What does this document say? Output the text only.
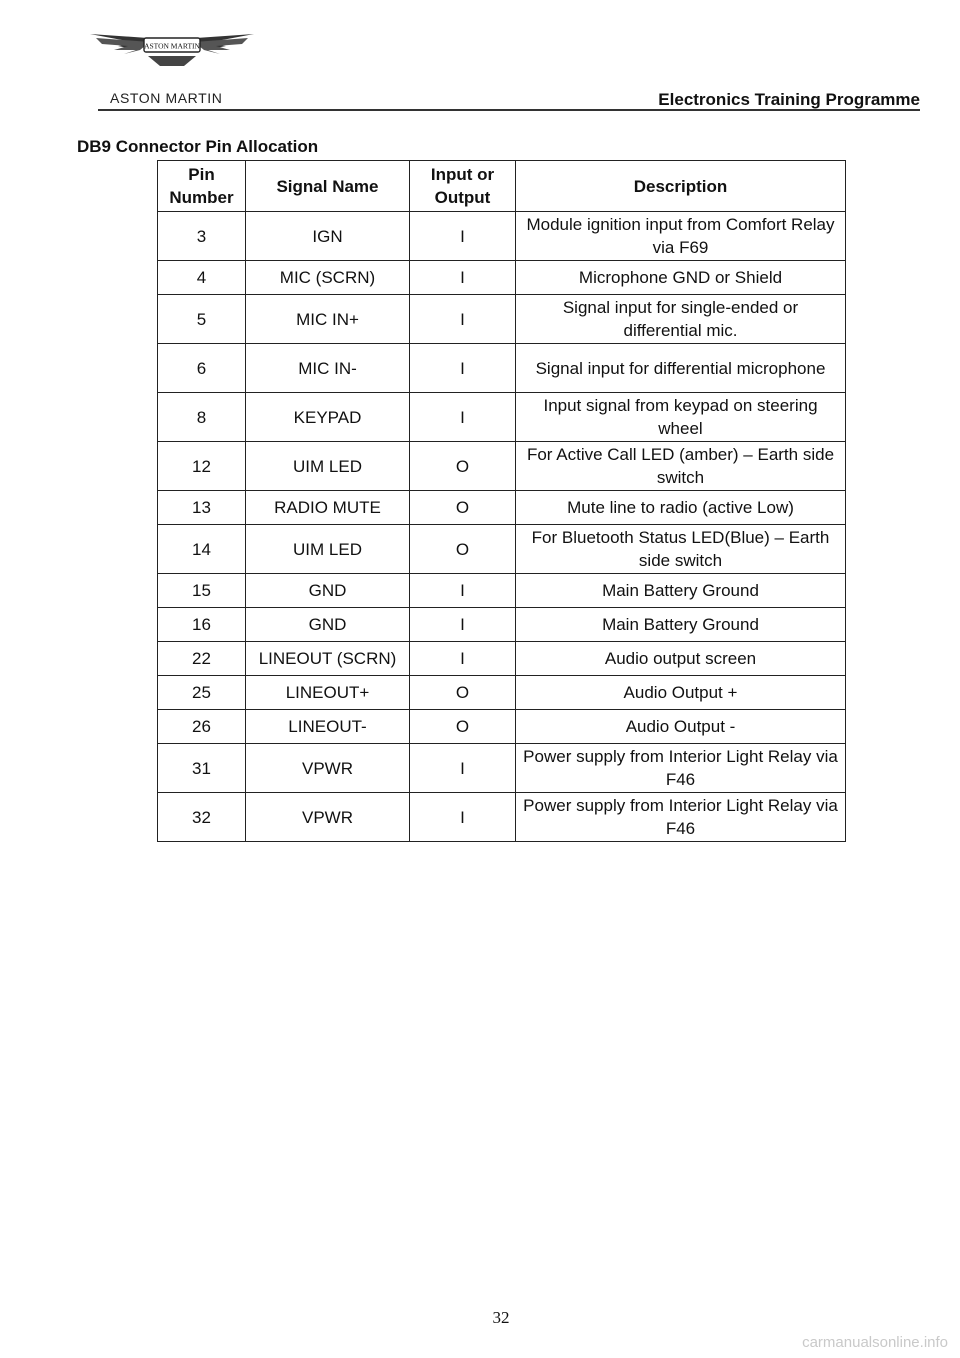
ASTON MARTIN
ASTON MARTIN	Electronics Training Programme
DB9 Connector Pin Allocation
Pin Number	Signal Name	Input or Output	Description
3	IGN	I	Module ignition input from Comfort Relay via F69
4	MIC (SCRN)	I	Microphone GND or Shield
5	MIC IN+	I	Signal input for single-ended or differential mic.
6	MIC IN-	I	Signal input for differential microphone
8	KEYPAD	I	Input signal from keypad on steering wheel
12	UIM LED	O	For Active Call LED (amber) – Earth side switch
13	RADIO MUTE	O	Mute line to radio (active Low)
14	UIM LED	O	For Bluetooth Status LED(Blue) – Earth side switch
15	GND	I	Main Battery Ground
16	GND	I	Main Battery Ground
22	LINEOUT (SCRN)	I	Audio output screen
25	LINEOUT+	O	Audio Output +
26	LINEOUT-	O	Audio Output -
31	VPWR	I	Power supply from Interior Light Relay via F46
32	VPWR	I	Power supply from Interior Light Relay via F46
32
carmanualsonline.info
